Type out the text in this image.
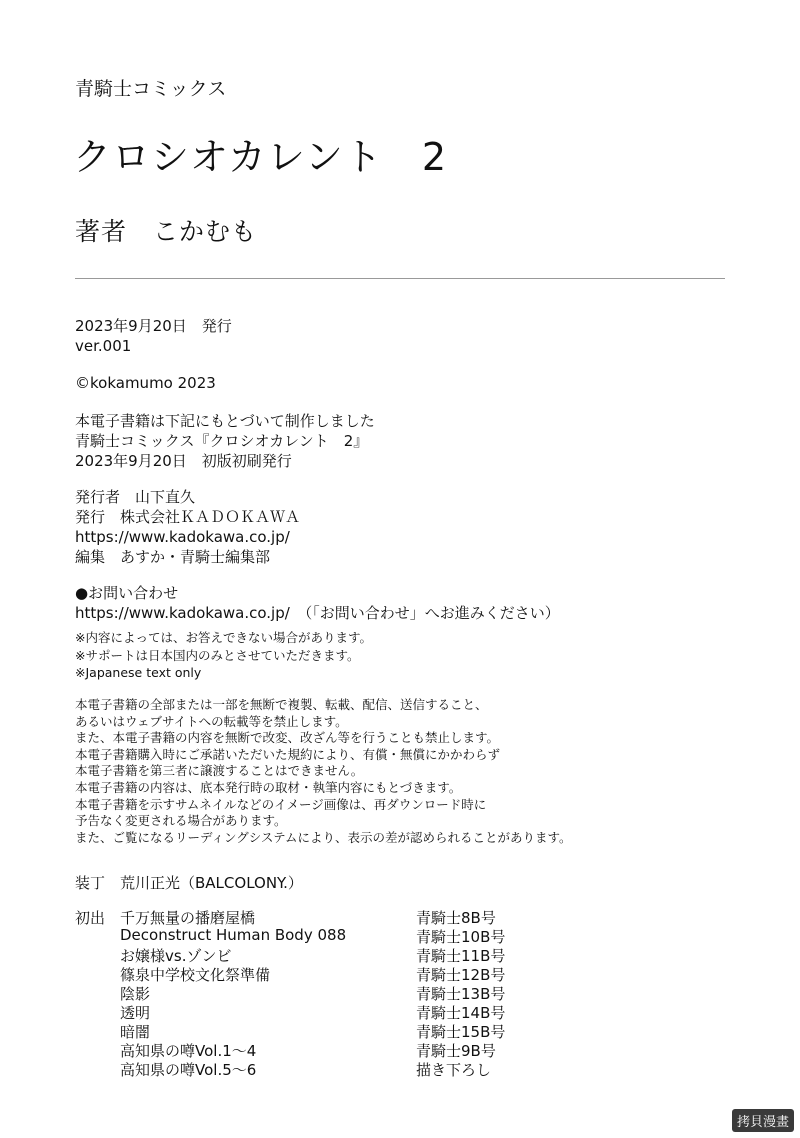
青騎士コミックス
クロシオカレント　2
著者　こかむも
2023年9月20日　発行
ver.001
©kokamumo 2023
本電子書籍は下記にもとづいて制作しました
青騎士コミックス『クロシオカレント　2』
2023年9月20日　初版初刷発行
発行者　山下直久
発行　株式会社ＫＡＤＯＫＡＷＡ
https://www.kadokawa.co.jp/
編集　あすか・青騎士編集部
●お問い合わせ
https://www.kadokawa.co.jp/　（「お問い合わせ」へお進みください）
※内容によっては、お答えできない場合があります。
※サポートは日本国内のみとさせていただきます。
※Japanese text only
本電子書籍の全部または一部を無断で複製、転載、配信、送信すること、
あるいはウェブサイトへの転載等を禁止します。
また、本電子書籍の内容を無断で改変、改ざん等を行うことも禁止します。
本電子書籍購入時にご承諾いただいた規約により、有償・無償にかかわらず
本電子書籍を第三者に譲渡することはできません。
本電子書籍の内容は、底本発行時の取材・執筆内容にもとづきます。
本電子書籍を示すサムネイルなどのイメージ画像は、再ダウンロード時に
予告なく変更される場合があります。
また、ご覧になるリーディングシステムにより、表示の差が認められることがあります。
装丁　荒川正光（BALCOLONY.）
初出 千万無量の播磨屋橋	青騎士8B号
Deconstruct Human Body 088	青騎士10B号
お嬢様vs.ゾンビ	青騎士11B号
篠泉中学校文化祭準備	青騎士12B号
陰影	青騎士13B号
透明	青騎士14B号
暗闇	青騎士15B号
高知県の噂Vol.1〜4	青騎士9B号
高知県の噂Vol.5〜6	描き下ろし
拷貝漫畫
